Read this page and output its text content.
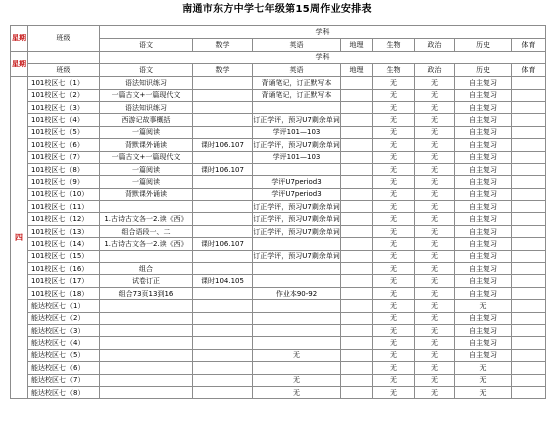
南通市东方中学七年级第15周作业安排表
星期	班级	学科							
		语文	数学	英语	地理	生物	政治	历史	体育
星期		学科							
	班级	语文	数学	英语	地理	生物	政治	历史	体育
四	101校区七（1）	语法知识练习		背诵笔记，订正默写本		无	无	自主复习	
	101校区七（2）	一篇古文+一篇现代文		背诵笔记，订正默写本		无	无	自主复习	
	101校区七（3）	语法知识练习				无	无	自主复习	
	101校区七（4）	西游记故事概括		订正学评，预习U7剩余单词		无	无	自主复习	
	101校区七（5）	一篇阅读		学评101—103		无	无	自主复习	
	101校区七（6）	背默课外诵读	课时106.107	订正学评，预习U7剩余单词		无	无	自主复习	
	101校区七（7）	一篇古文+一篇现代文		学评101—103		无	无	自主复习	
	101校区七（8）	一篇阅读	课时106.107			无	无	自主复习	
	101校区七（9）	一篇阅读		学评U7period3		无	无	自主复习	
	101校区七（10）	背默课外诵读		学评U7period3		无	无	自主复习	
	101校区七（11）			订正学评，预习U7剩余单词		无	无	自主复习	
	101校区七（12）	1.古诗古文各一2.读《西》		订正学评，预习U7剩余单词		无	无	自主复习	
	101校区七（13）	组合语段一、二		订正学评，预习U7剩余单词		无	无	自主复习	
	101校区七（14）	1.古诗古文各一2.读《西》	课时106.107			无	无	自主复习	
	101校区七（15）			订正学评，预习U7剩余单词		无	无	自主复习	
	101校区七（16）	组合				无	无	自主复习	
	101校区七（17）	试卷订正	课时104.105			无	无	自主复习	
	101校区七（18）	组合73页13到16		作业本90-92		无	无	自主复习	
	能达校区七（1）					无	无	无	
	能达校区七（2）					无	无	自主复习	
	能达校区七（3）					无	无	自主复习	
	能达校区七（4）					无	无	自主复习	
	能达校区七（5）			无		无	无	自主复习	
	能达校区七（6）					无	无	无	
	能达校区七（7）			无		无	无	无	
	能达校区七（8）			无		无	无	无	
